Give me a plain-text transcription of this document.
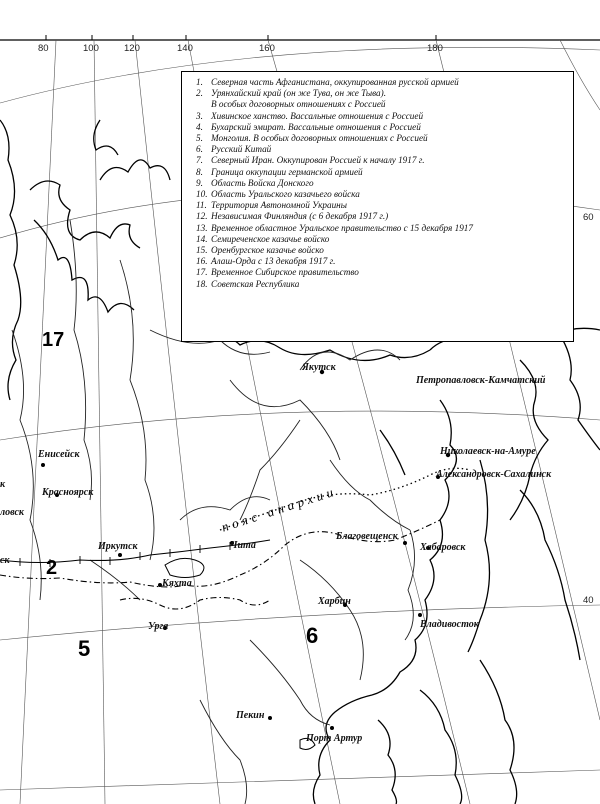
80	100	120	140	160	180
60
40
17
2
5
6
пояс анархии
Якутск
Петропавловск-Камчатский
Енисейск
Красноярск
Николаевск-на-Амуре
Александровск-Сахалинск
Благовещенск
Хабаровск
Иркутск	Чита
Кяхта
Харбин
Владивосток
Урга
Пекин
Порт Артур
к
ловск
ск
1. Северная часть Афганистана, оккупированная русской армией
2. Урянхайский край (он же Тува, он же Тыва).
В особых договорных отношениях с Россией
3. Хивинское ханство. Вассальные отношения с Россией
4. Бухарский эмират. Вассальные отношения с Россией
5. Монголия. В особых договорных отношениях с Россией
6. Русский Китай
7. Северный Иран. Оккупирован Россией к началу 1917 г.
8. Граница оккупации германской армией
9. Область Войска Донского
10. Область Уральского казачьего войска
11. Территория Автономной Украины
12. Независимая Финляндия (с 6 декабря 1917 г.)
13. Временное областное Уральское правительство с 15 декабря 1917
14. Семиреченское казачье войско
15. Оренбургское казачье войско
16. Алаш-Орда с 13 декабря 1917 г.
17. Временное Сибирское правительство
18. Советская Республика
